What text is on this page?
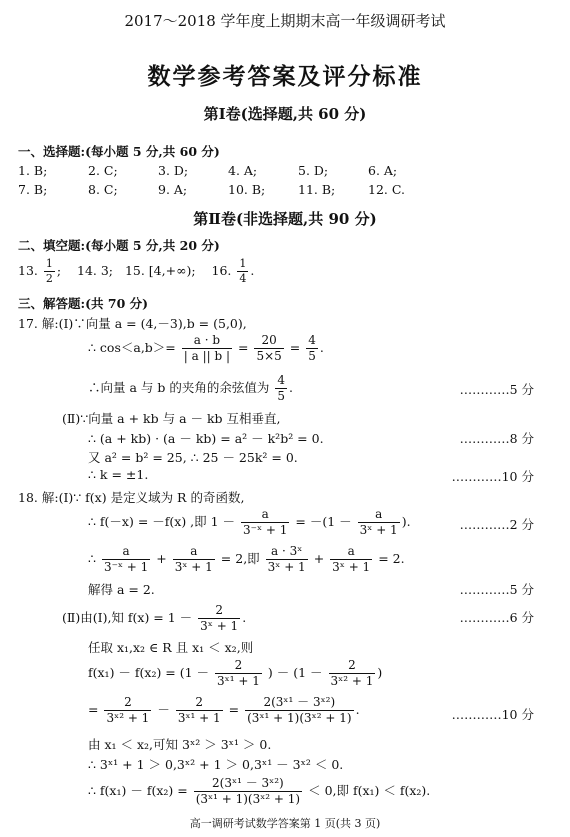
2017～2018 学年度上期期末高一年级调研考试
数学参考答案及评分标准
第Ⅰ卷(选择题,共 60 分)
一、选择题:(每小题 5 分,共 60 分)
1. B;	2. C;	3. D;	4. A;	5. D;	6. A;
7. B;	8. C;	9. A;	10. B;	11. B;	12. C.
第Ⅱ卷(非选择题,共 90 分)
二、填空题:(每小题 5 分,共 20 分)
13. $\frac{1}{2}$ ; 14. 3; 15. [4,+∞); 16. $\frac{1}{4}$ .
三、解答题:(共 70 分)
17. 解:(Ⅰ)∵向量 a = (4,－3),b = (5,0),
∴ $\cos<a,b>= \frac{a \cdot b}{| a || b |} = \frac{20}{5\times 5} = \frac{4}{5}$ .
∴向量 a 与 b 的夹角的余弦值为 $\frac{4}{5}$ .	…………5 分
(Ⅱ)∵向量 a + kb 与 a － kb 互相垂直,
∴ (a + kb) · (a － kb) = a² － k²b² = 0.	…………8 分
又 a² = b² = 25, ∴ 25 － 25k² = 0.
∴ k = ±1.	…………10 分
18. 解:(Ⅰ)∵ f(x) 是定义域为 R 的奇函数,
∴ f(－x) = －f(x) ,即 $1 - \frac{a}{\text{3⁻ˣ + 1}} = -(1 - \frac{a}{\text{3ˣ + 1}}$ ).	…………2 分
∴ $\frac{a}{\text{3⁻ˣ + 1}} + \frac{a}{\text{3ˣ + 1}} = 2$,即 $\frac{\text{a · 3ˣ}}{\text{3ˣ + 1}} + \frac{a}{\text{3ˣ + 1}} = 2$.
解得 a = 2.	…………5 分
(Ⅱ)由(Ⅰ),知 $f(x) = 1 - \frac{2}{\text{3ˣ + 1}}$ .	…………6 分
任取 x₁,x₂ ∈ R 且 x₁ ＜ x₂,则
$f(x_1) - f(x_2) = (1 - \frac{2}{\text{3ˣ¹ + 1}}$ ) － ($1 - \frac{2}{\text{3ˣ² + 1}}$ )
= $\frac{2}{\text{3ˣ² + 1}} - \frac{2}{\text{3ˣ¹ + 1}} = \frac{\text{2(3ˣ¹ － 3ˣ²)}}{\text{(3ˣ¹ + 1)(3ˣ² + 1)}}$ .	…………10 分
由 x₁ ＜ x₂,可知 3ˣ² ＞ 3ˣ¹ ＞ 0.
∴ 3ˣ¹ + 1 ＞ 0,3ˣ² + 1 ＞ 0,3ˣ¹ － 3ˣ² ＜ 0.
∴ $f(x_1) - f(x_2) = \frac{\text{2(3ˣ¹ － 3ˣ²)}}{\text{(3ˣ¹ + 1)(3ˣ² + 1)}} < 0$,即 f(x₁) ＜ f(x₂).
高一调研考试数学答案第 1 页(共 3 页)
